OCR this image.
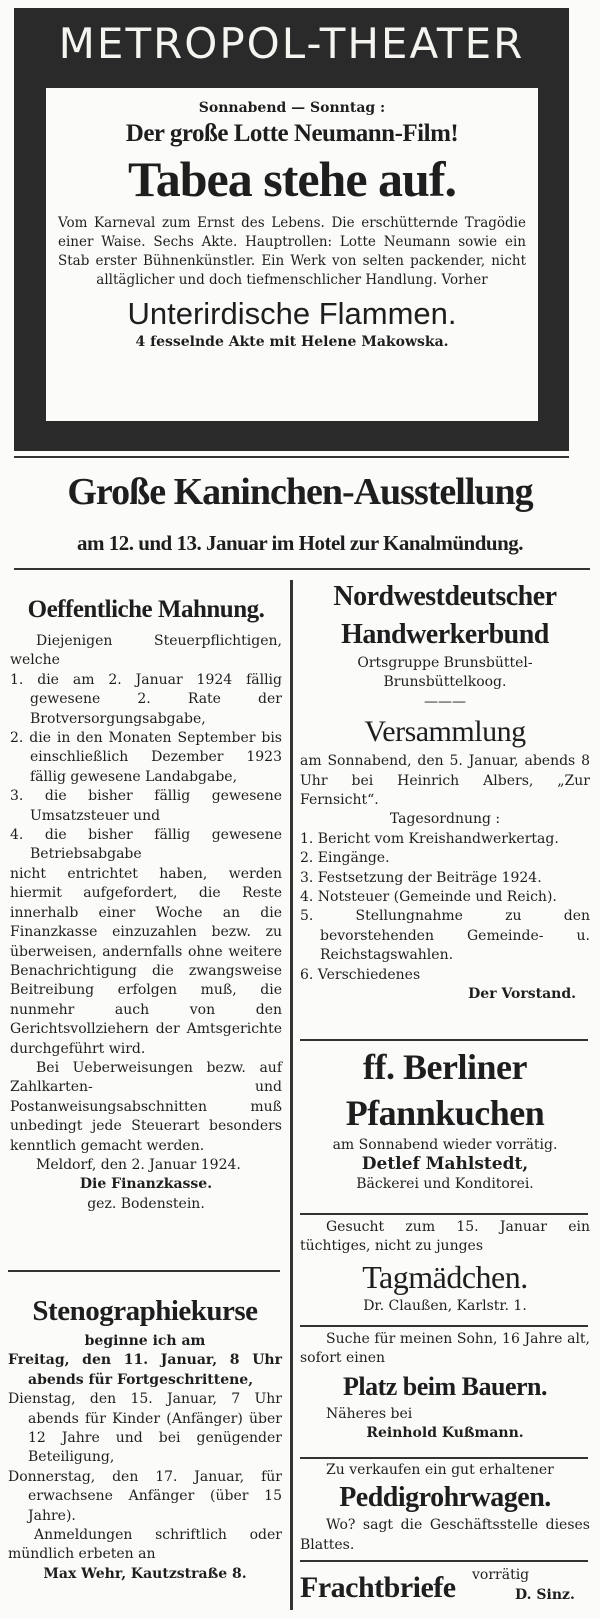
METROPOL-THEATER
Sonnabend — Sonntag :
Der große Lotte Neumann-Film!
Tabea stehe auf.
Vom Karneval zum Ernst des Lebens. Die erschütternde Tragödie einer Waise. Sechs Akte. Hauptrollen: Lotte Neumann sowie ein Stab erster Bühnenkünstler. Ein Werk von selten packender, nicht alltäglicher und doch tiefmenschlicher Handlung. Vorher
Unterirdische Flammen.
4 fesselnde Akte mit Helene Makowska.
Große Kaninchen-Ausstellung
am 12. und 13. Januar im Hotel zur Kanalmündung.
Oeffentliche Mahnung.

Diejenigen Steuerpflichtigen, welche

1. die am 2. Januar 1924 fällig gewesene 2. Rate der Brotversorgungsabgabe,

2. die in den Monaten September bis einschließlich Dezember 1923 fällig gewesene Landabgabe,

3. die bisher fällig gewesene Umsatzsteuer und

4. die bisher fällig gewesene Betriebsabgabe

nicht entrichtet haben, werden hiermit aufgefordert, die Reste innerhalb einer Woche an die Finanzkasse einzuzahlen bezw. zu überweisen, andernfalls ohne weitere Benachrichtigung die zwangsweise Beitreibung erfolgen muß, die nunmehr auch von den Gerichtsvollziehern der Amtsgerichte durchgeführt wird.

Bei Ueberweisungen bezw. auf Zahlkarten- und Postanweisungsabschnitten muß unbedingt jede Steuerart besonders kenntlich gemacht werden.

Meldorf, den 2. Januar 1924.

Die Finanzkasse.

gez. Bodenstein.

Stenographiekurse

beginne ich am

Freitag, den 11. Januar, 8 Uhr abends für Fortgeschrittene,

Dienstag, den 15. Januar, 7 Uhr abends für Kinder (Anfänger) über 12 Jahre und bei genügender Beteiligung,

Donnerstag, den 17. Januar, für erwachsene Anfänger (über 15 Jahre).

Anmeldungen schriftlich oder mündlich erbeten an

Max Wehr, Kautzstraße 8.

Nordwestdeutscher
Handwerkerbund

Ortsgruppe Brunsbüttel-Brunsbüttelkoog.

———

Versammlung

am Sonnabend, den 5. Januar, abends 8 Uhr bei Heinrich Albers, „Zur Fernsicht“.

Tagesordnung :

1. Bericht vom Kreishandwerkertag.

2. Eingänge.

3. Festsetzung der Beiträge 1924.

4. Notsteuer (Gemeinde und Reich).

5. Stellungnahme zu den bevorstehenden Gemeinde- u. Reichstagswahlen.

6. Verschiedenes

Der Vorstand.

ff. Berliner
Pfannkuchen

am Sonnabend wieder vorrätig.

Detlef Mahlstedt,

Bäckerei und Konditorei.

Gesucht zum 15. Januar ein tüchtiges, nicht zu junges

Tagmädchen.

Dr. Claußen, Karlstr. 1.

Suche für meinen Sohn, 16 Jahre alt, sofort einen

Platz beim Bauern.

Näheres bei

Reinhold Kußmann.

Zu verkaufen ein gut erhaltener

Peddigrohrwagen.

Wo? sagt die Geschäftsstelle dieses Blattes.

Frachtbriefe vorrätig
D. Sinz.
